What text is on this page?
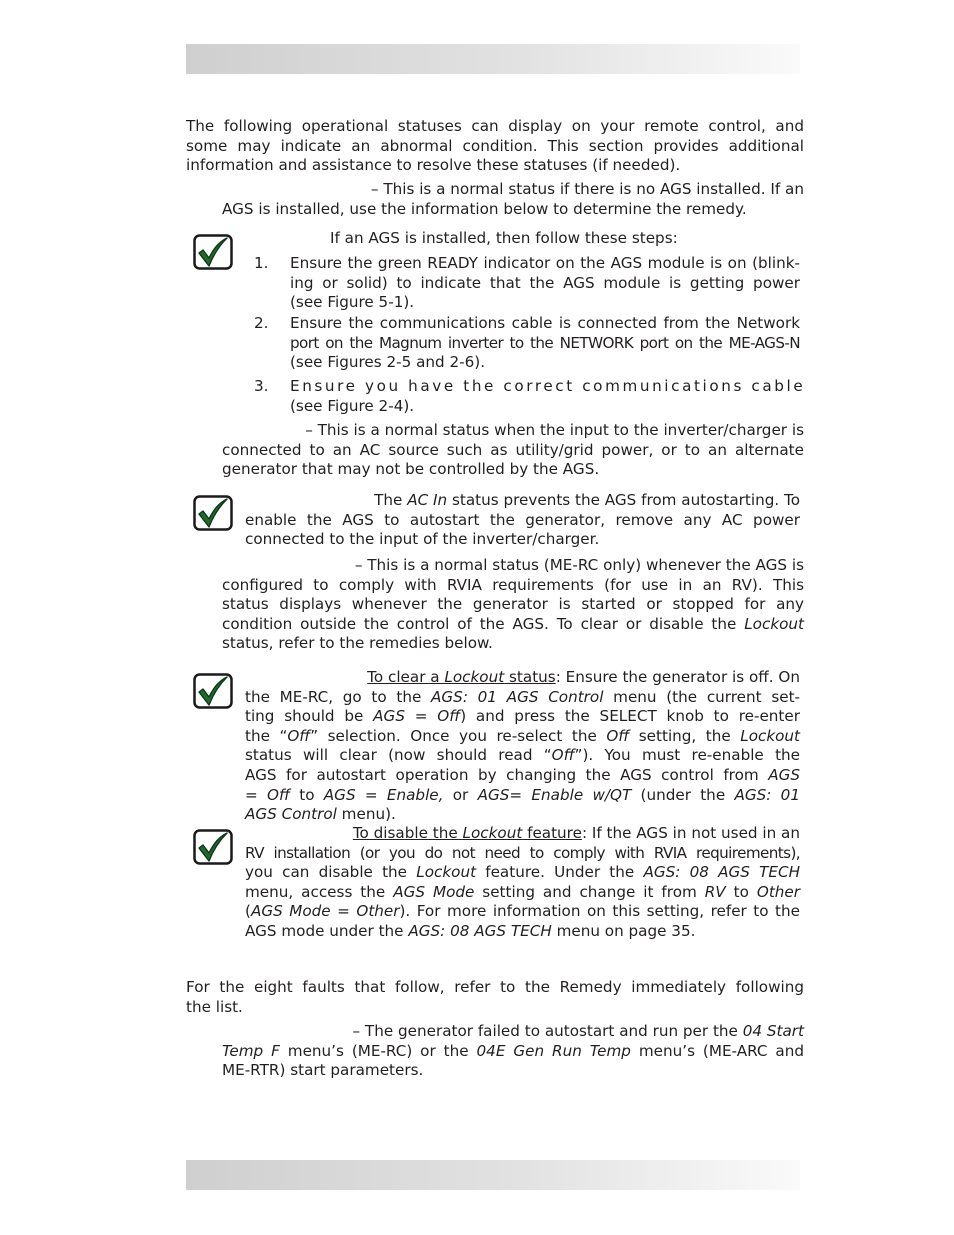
The following operational statuses can display on your remote control, and
some may indicate an abnormal condition. This section provides additional
information and assistance to resolve these statuses (if needed).
– This is a normal status if there is no AGS installed. If an
AGS is installed, use the information below to determine the remedy.
If an AGS is installed, then follow these steps:
1. Ensure the green READY indicator on the AGS module is on (blink-
ing or solid) to indicate that the AGS module is getting power
(see Figure 5-1).
2. Ensure the communications cable is connected from the Network
port on the Magnum inverter to the NETWORK port on the ME-AGS-N
(see Figures 2-5 and 2-6).
3. Ensure you have the correct communications cable
(see Figure 2-4).
– This is a normal status when the input to the inverter/charger is
connected to an AC source such as utility/grid power, or to an alternate
generator that may not be controlled by the AGS.
The AC In status prevents the AGS from autostarting. To
enable the AGS to autostart the generator, remove any AC power
connected to the input of the inverter/charger.
– This is a normal status (ME-RC only) whenever the AGS is
configured to comply with RVIA requirements (for use in an RV). This
status displays whenever the generator is started or stopped for any
condition outside the control of the AGS. To clear or disable the Lockout
status, refer to the remedies below.
To clear a Lockout status: Ensure the generator is off. On
the ME-RC, go to the AGS: 01 AGS Control menu (the current set-
ting should be AGS = Off) and press the SELECT knob to re-enter
the “Off” selection. Once you re-select the Off setting, the Lockout
status will clear (now should read “Off”). You must re-enable the
AGS for autostart operation by changing the AGS control from AGS
= Off to AGS = Enable, or AGS= Enable w/QT (under the AGS: 01
AGS Control menu).
To disable the Lockout feature: If the AGS in not used in an
RV installation (or you do not need to comply with RVIA requirements),
you can disable the Lockout feature. Under the AGS: 08 AGS TECH
menu, access the AGS Mode setting and change it from RV to Other
(AGS Mode = Other). For more information on this setting, refer to the
AGS mode under the AGS: 08 AGS TECH menu on page 35.
For the eight faults that follow, refer to the Remedy immediately following
the list.
– The generator failed to autostart and run per the 04 Start
Temp F menu’s (ME-RC) or the 04E Gen Run Temp menu’s (ME-ARC and
ME-RTR) start parameters.
